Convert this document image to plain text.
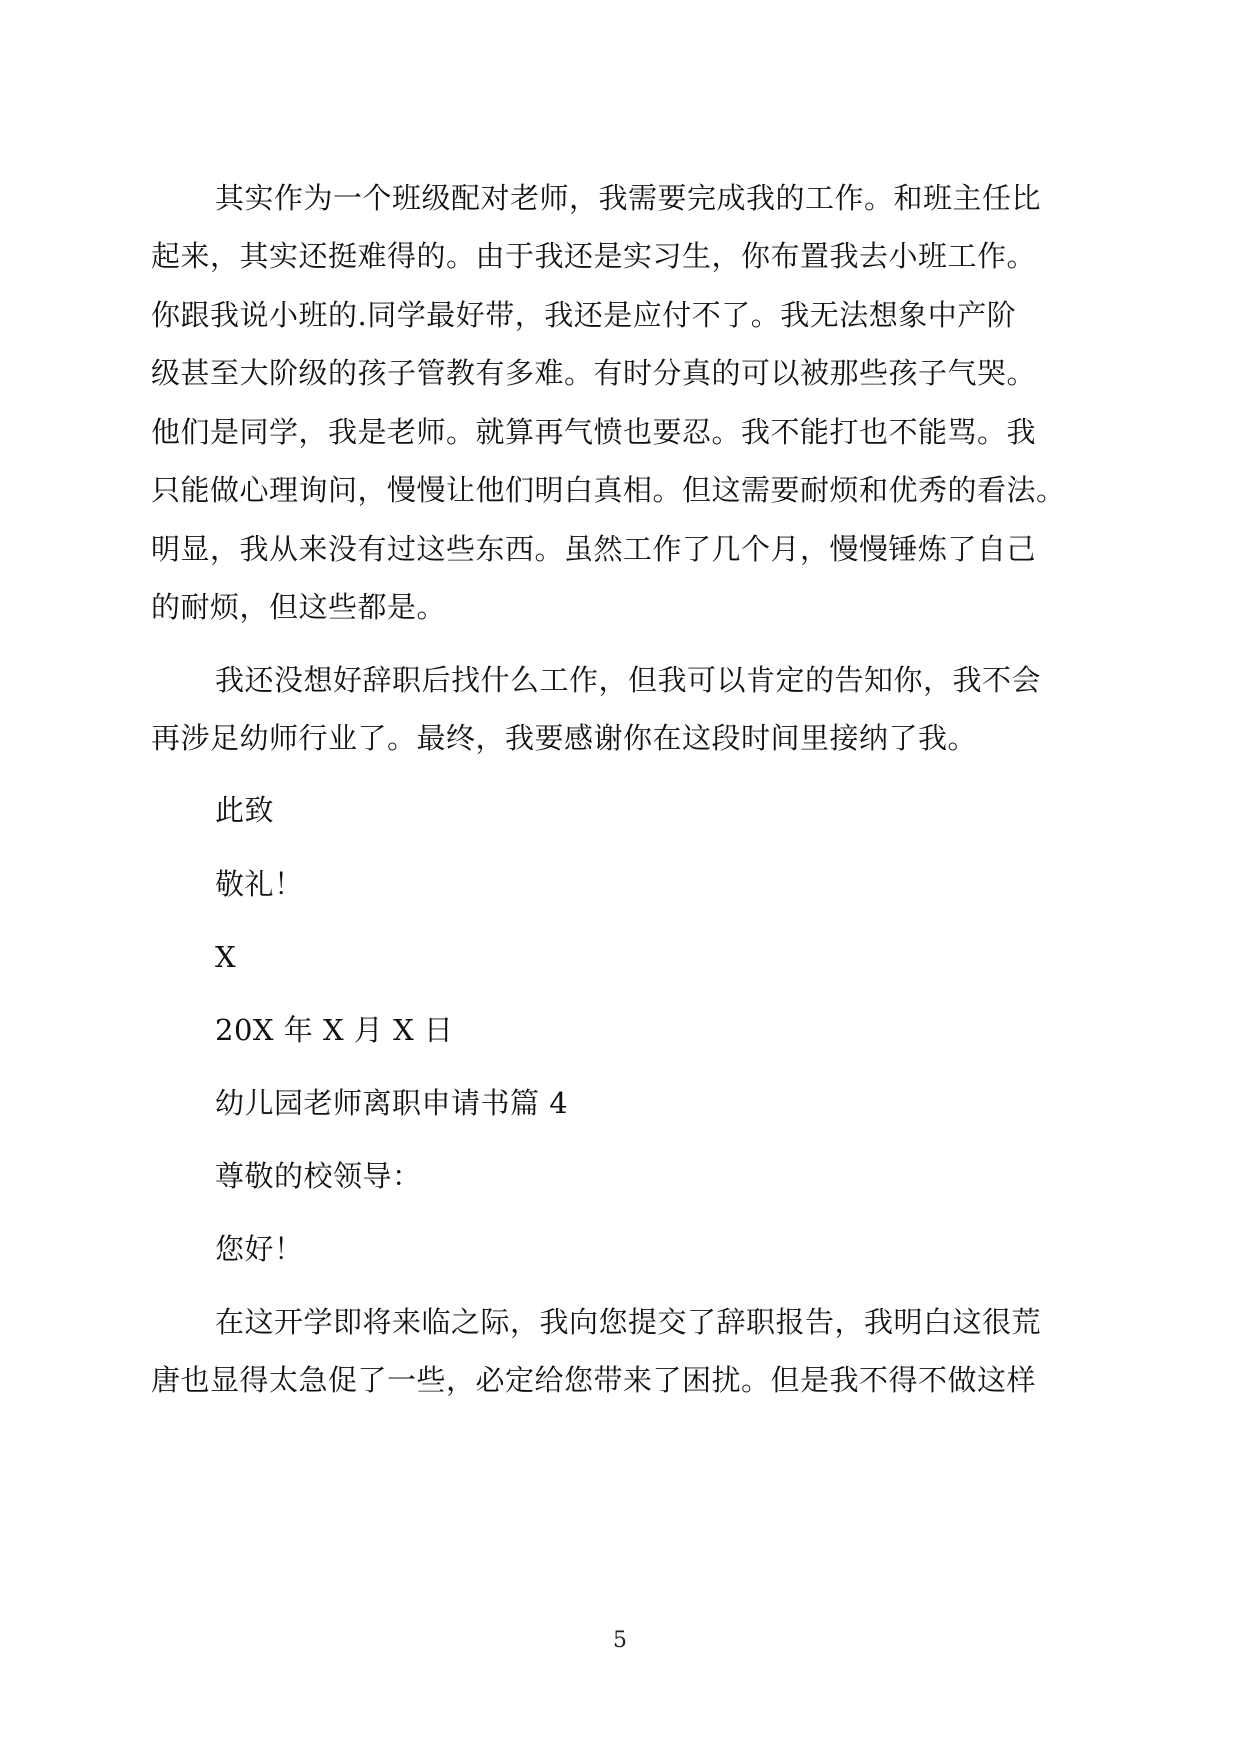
其实作为一个班级配对老师，我需要完成我的工作。和班主任比
起来，其实还挺难得的。由于我还是实习生，你布置我去小班工作。
你跟我说小班的.同学最好带，我还是应付不了。我无法想象中产阶
级甚至大阶级的孩子管教有多难。有时分真的可以被那些孩子气哭。
他们是同学，我是老师。就算再气愤也要忍。我不能打也不能骂。我
只能做心理询问，慢慢让他们明白真相。但这需要耐烦和优秀的看法。
明显，我从来没有过这些东西。虽然工作了几个月，慢慢锤炼了自己
的耐烦，但这些都是。
我还没想好辞职后找什么工作，但我可以肯定的告知你，我不会
再涉足幼师行业了。最终，我要感谢你在这段时间里接纳了我。
此致
敬礼！
X
20X 年 X 月 X 日
幼儿园老师离职申请书篇 4
尊敬的校领导：
您好！
在这开学即将来临之际，我向您提交了辞职报告，我明白这很荒
唐也显得太急促了一些，必定给您带来了困扰。但是我不得不做这样
5
